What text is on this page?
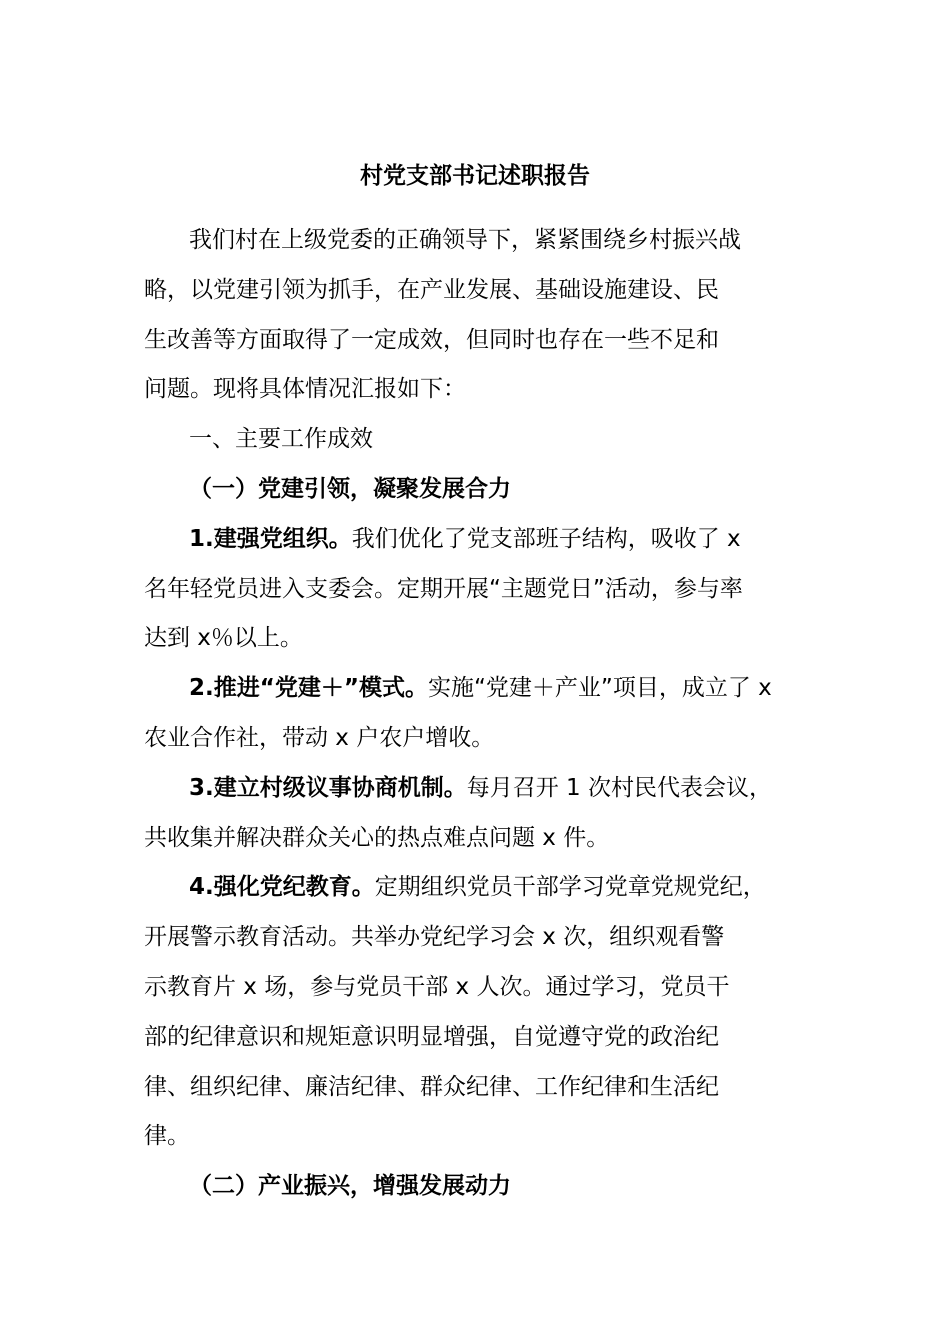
村党支部书记述职报告

我们村在上级党委的正确领导下，紧紧围绕乡村振兴战
略，以党建引领为抓手，在产业发展、基础设施建设、民
生改善等方面取得了一定成效，但同时也存在一些不足和
问题。现将具体情况汇报如下：

一、主要工作成效

（一）党建引领，凝聚发展合力

1.建强党组织。我们优化了党支部班子结构，吸收了 x
名年轻党员进入支委会。定期开展“主题党日”活动，参与率
达到 x％以上。

2.推进“党建＋”模式。实施“党建＋产业”项目，成立了 x
农业合作社，带动 x 户农户增收。

3.建立村级议事协商机制。每月召开 1 次村民代表会议，
共收集并解决群众关心的热点难点问题 x 件。

4.强化党纪教育。定期组织党员干部学习党章党规党纪，
开展警示教育活动。共举办党纪学习会 x 次，组织观看警
示教育片 x 场，参与党员干部 x 人次。通过学习，党员干
部的纪律意识和规矩意识明显增强，自觉遵守党的政治纪
律、组织纪律、廉洁纪律、群众纪律、工作纪律和生活纪
律。

（二）产业振兴，增强发展动力
